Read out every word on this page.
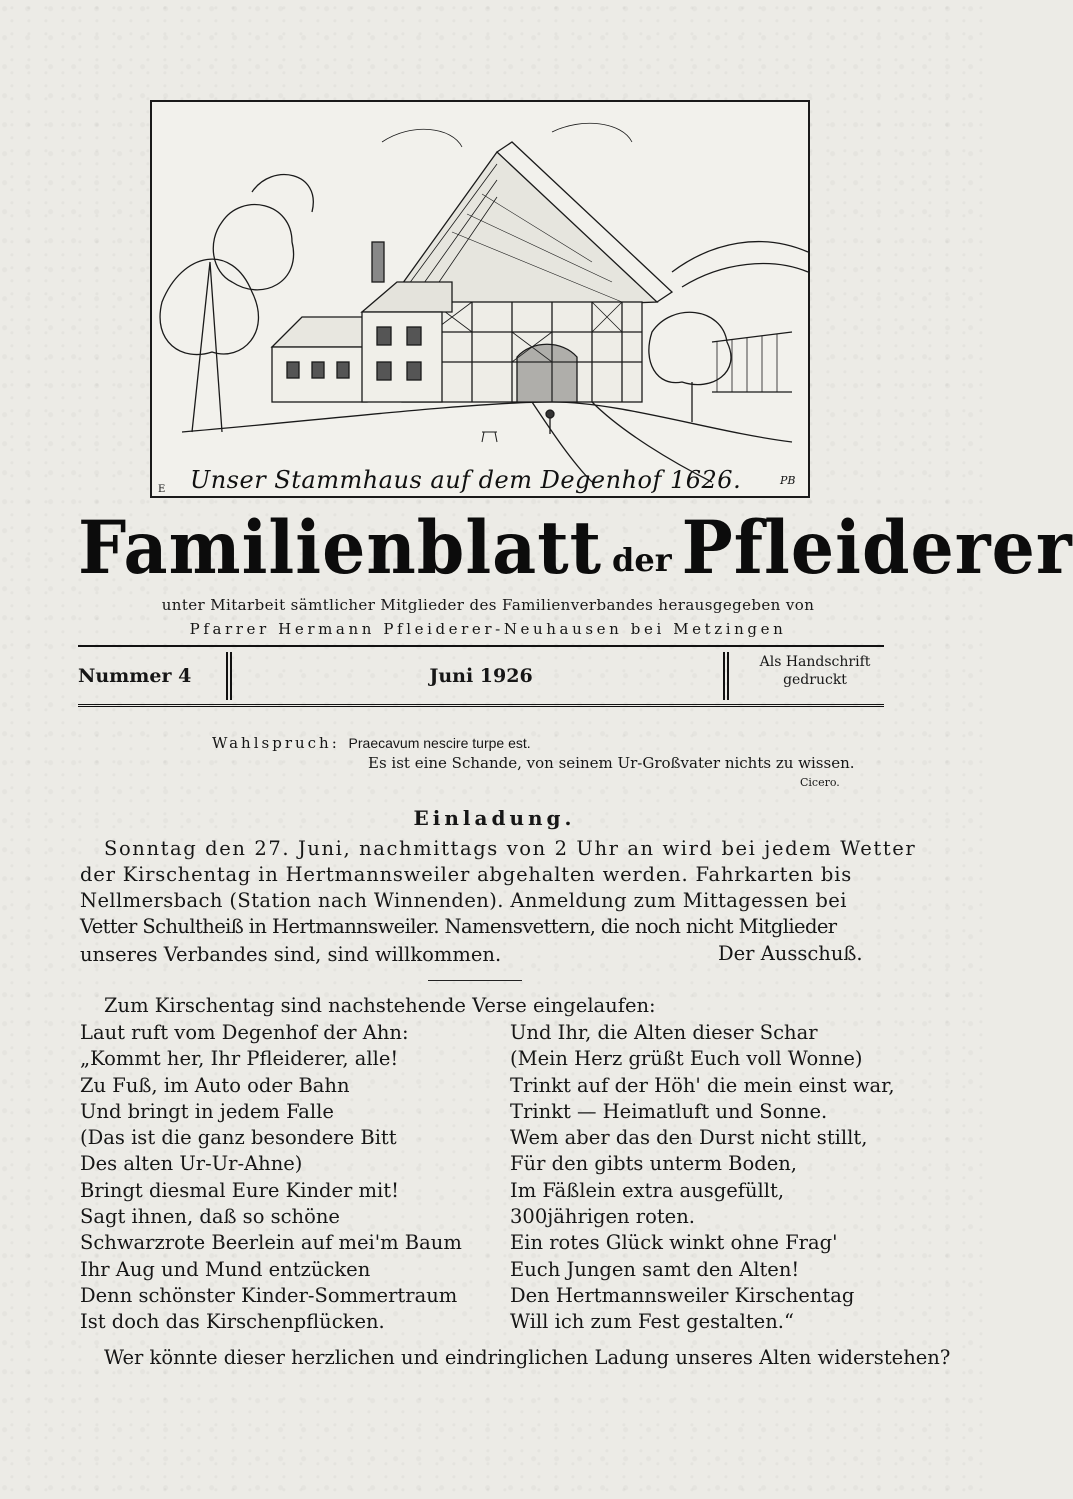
Unser Stammhaus auf dem Degenhof 1626.	PB
E
Familienblatt der Pfleiderer
unter Mitarbeit sämtlicher Mitglieder des Familienverbandes herausgegeben von
Pfarrer Hermann Pfleiderer-Neuhausen bei Metzingen
Nummer 4	Juni 1926
Als Handschrift
gedruckt
Wahlspruch: Praecavum nescire turpe est.
Es ist eine Schande, von seinem Ur-Großvater nichts zu wissen.
Cicero.
Einladung.
Sonntag den 27. Juni, nachmittags von 2 Uhr an wird bei jedem Wetter
der Kirschentag in Hertmannsweiler abgehalten werden. Fahrkarten bis
Nellmersbach (Station nach Winnenden). Anmeldung zum Mittagessen bei
Vetter Schultheiß in Hertmannsweiler. Namensvettern, die noch nicht Mitglieder
unseres Verbandes sind, sind willkommen.	Der Ausschuß.
Zum Kirschentag sind nachstehende Verse eingelaufen:
Laut ruft vom Degenhof der Ahn:
„Kommt her, Ihr Pfleiderer, alle!
Zu Fuß, im Auto oder Bahn
Und bringt in jedem Falle
(Das ist die ganz besondere Bitt
Des alten Ur-Ur-Ahne)
Bringt diesmal Eure Kinder mit!
Sagt ihnen, daß so schöne
Schwarzrote Beerlein auf mei'm Baum
Ihr Aug und Mund entzücken
Denn schönster Kinder-Sommertraum
Ist doch das Kirschenpflücken.
Und Ihr, die Alten dieser Schar
(Mein Herz grüßt Euch voll Wonne)
Trinkt auf der Höh' die mein einst war,
Trinkt — Heimatluft und Sonne.
Wem aber das den Durst nicht stillt,
Für den gibts unterm Boden,
Im Fäßlein extra ausgefüllt,
300jährigen roten.
Ein rotes Glück winkt ohne Frag'
Euch Jungen samt den Alten!
Den Hertmannsweiler Kirschentag
Will ich zum Fest gestalten.“
Wer könnte dieser herzlichen und eindringlichen Ladung unseres Alten widerstehen?
